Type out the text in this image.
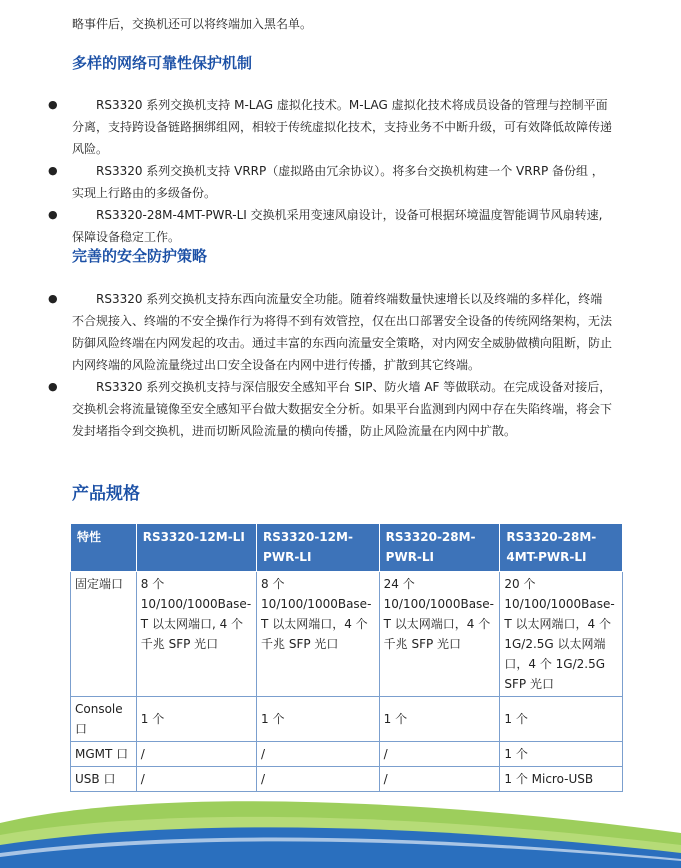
略事件后，交换机还可以将终端加入黑名单。
多样的网络可靠性保护机制

●	RS3320 系列交换机支持 M-LAG 虚拟化技术。M-LAG 虚拟化技术将成员设备的管理与控制平面分离，支持跨设备链路捆绑组网，相较于传统虚拟化技术，支持业务不中断升级，可有效降低故障传递风险。

●	RS3320 系列交换机支持 VRRP（虚拟路由冗余协议）。将多台交换机构建一个 VRRP 备份组 ，实现上行路由的多级备份。

●	RS3320-28M-4MT-PWR-LI 交换机采用变速风扇设计，设备可根据环境温度智能调节风扇转速,保障设备稳定工作。

完善的安全防护策略

●	RS3320 系列交换机支持东西向流量安全功能。随着终端数量快速增长以及终端的多样化，终端不合规接入、终端的不安全操作行为将得不到有效管控，仅在出口部署安全设备的传统网络架构，无法防御风险终端在内网发起的攻击。通过丰富的东西向流量安全策略，对内网安全威胁做横向阻断，防止内网终端的风险流量绕过出口安全设备在内网中进行传播，扩散到其它终端。

●	RS3320 系列交换机支持与深信服安全感知平台 SIP、防火墙 AF 等做联动。在完成设备对接后，交换机会将流量镜像至安全感知平台做大数据安全分析。如果平台监测到内网中存在失陷终端，将会下发封堵指令到交换机，进而切断风险流量的横向传播，防止风险流量在内网中扩散。

产品规格
特性	RS3320-12M-LI	RS3320-12M-PWR-LI	RS3320-28M-PWR-LI	RS3320-28M-4MT-PWR-LI
固定端口	8 个 10/100/1000Base-T 以太网端口, 4 个千兆 SFP 光口	8 个 10/100/1000Base-T 以太网端口，4 个千兆 SFP 光口	24 个 10/100/1000Base-T 以太网端口，4 个千兆 SFP 光口	20 个 10/100/1000Base-T 以太网端口，4 个 1G/2.5G 以太网端口，4 个 1G/2.5G SFP 光口
Console 口	1 个	1 个	1 个	1 个
MGMT 口	/	/	/	1 个
USB 口	/	/	/	1 个 Micro-USB
